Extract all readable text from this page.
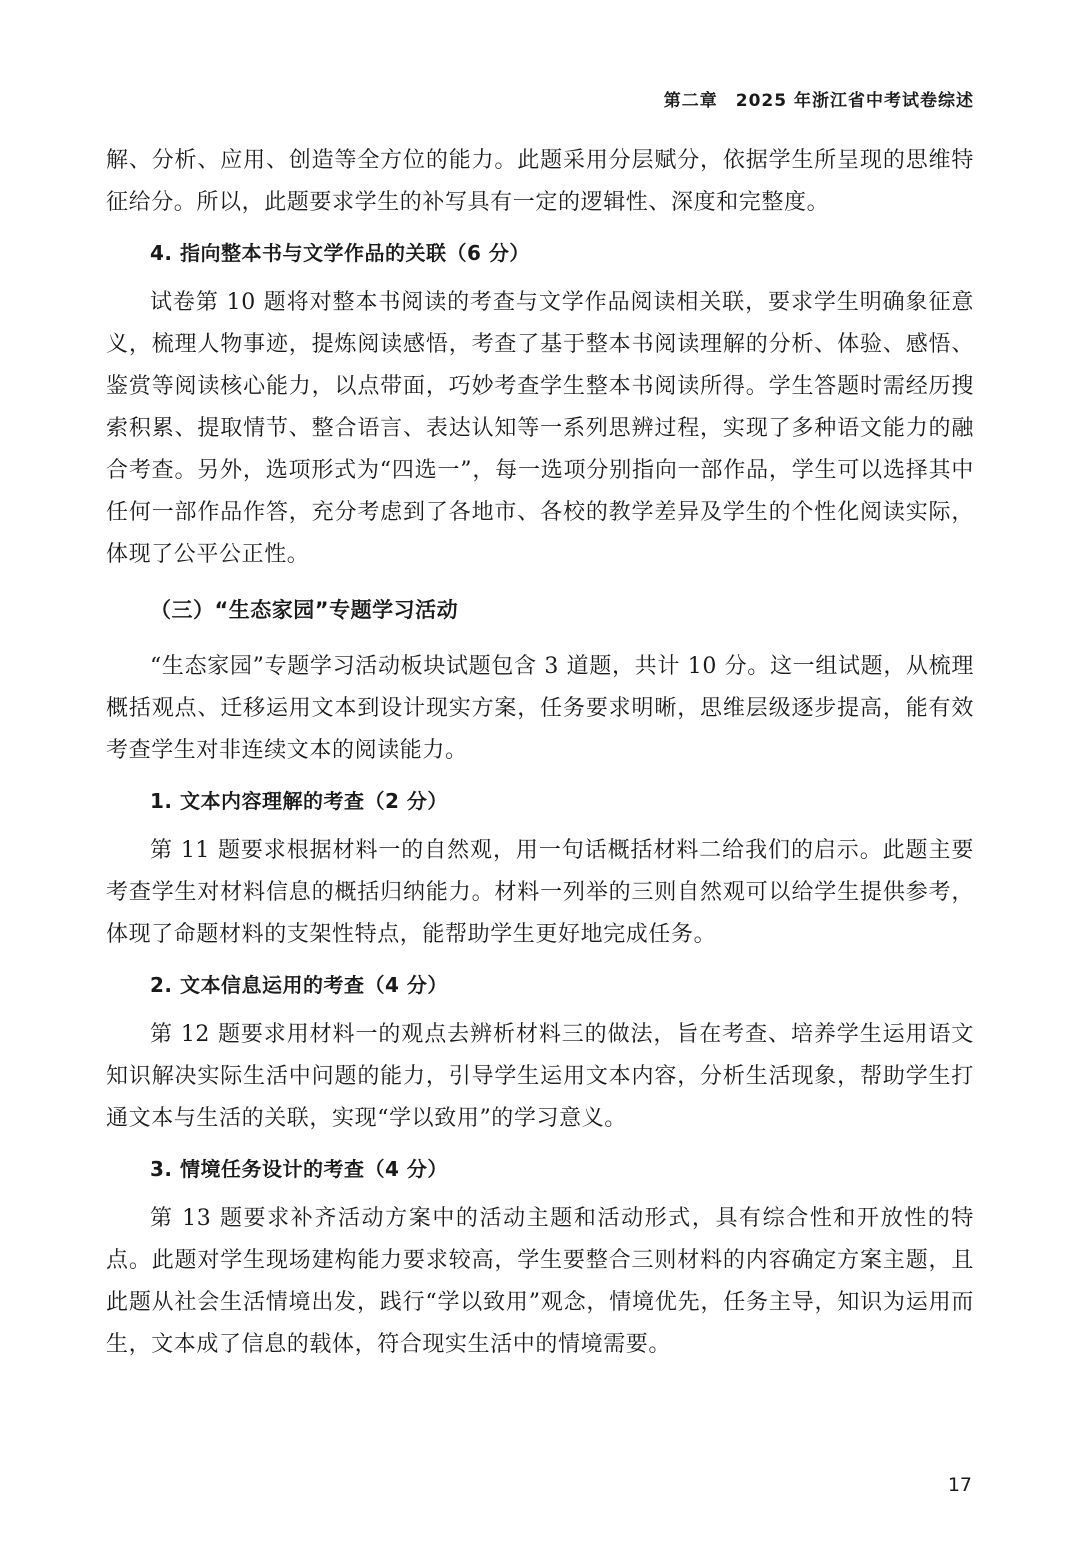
第二章　2025 年浙江省中考试卷综述

解、分析、应用、创造等全方位的能力。此题采用分层赋分，依据学生所呈现的思维特征给分。所以，此题要求学生的补写具有一定的逻辑性、深度和完整度。

4. 指向整本书与文学作品的关联（6 分）

试卷第 10 题将对整本书阅读的考查与文学作品阅读相关联，要求学生明确象征意义，梳理人物事迹，提炼阅读感悟，考查了基于整本书阅读理解的分析、体验、感悟、鉴赏等阅读核心能力，以点带面，巧妙考查学生整本书阅读所得。学生答题时需经历搜索积累、提取情节、整合语言、表达认知等一系列思辨过程，实现了多种语文能力的融合考查。另外，选项形式为“四选一”，每一选项分别指向一部作品，学生可以选择其中任何一部作品作答，充分考虑到了各地市、各校的教学差异及学生的个性化阅读实际，体现了公平公正性。

（三）“生态家园”专题学习活动

“生态家园”专题学习活动板块试题包含 3 道题，共计 10 分。这一组试题，从梳理概括观点、迁移运用文本到设计现实方案，任务要求明晰，思维层级逐步提高，能有效考查学生对非连续文本的阅读能力。

1. 文本内容理解的考查（2 分）

第 11 题要求根据材料一的自然观，用一句话概括材料二给我们的启示。此题主要考查学生对材料信息的概括归纳能力。材料一列举的三则自然观可以给学生提供参考，体现了命题材料的支架性特点，能帮助学生更好地完成任务。

2. 文本信息运用的考查（4 分）

第 12 题要求用材料一的观点去辨析材料三的做法，旨在考查、培养学生运用语文知识解决实际生活中问题的能力，引导学生运用文本内容，分析生活现象，帮助学生打通文本与生活的关联，实现“学以致用”的学习意义。

3. 情境任务设计的考查（4 分）

第 13 题要求补齐活动方案中的活动主题和活动形式，具有综合性和开放性的特点。此题对学生现场建构能力要求较高，学生要整合三则材料的内容确定方案主题，且此题从社会生活情境出发，践行“学以致用”观念，情境优先，任务主导，知识为运用而生，文本成了信息的载体，符合现实生活中的情境需要。

17
